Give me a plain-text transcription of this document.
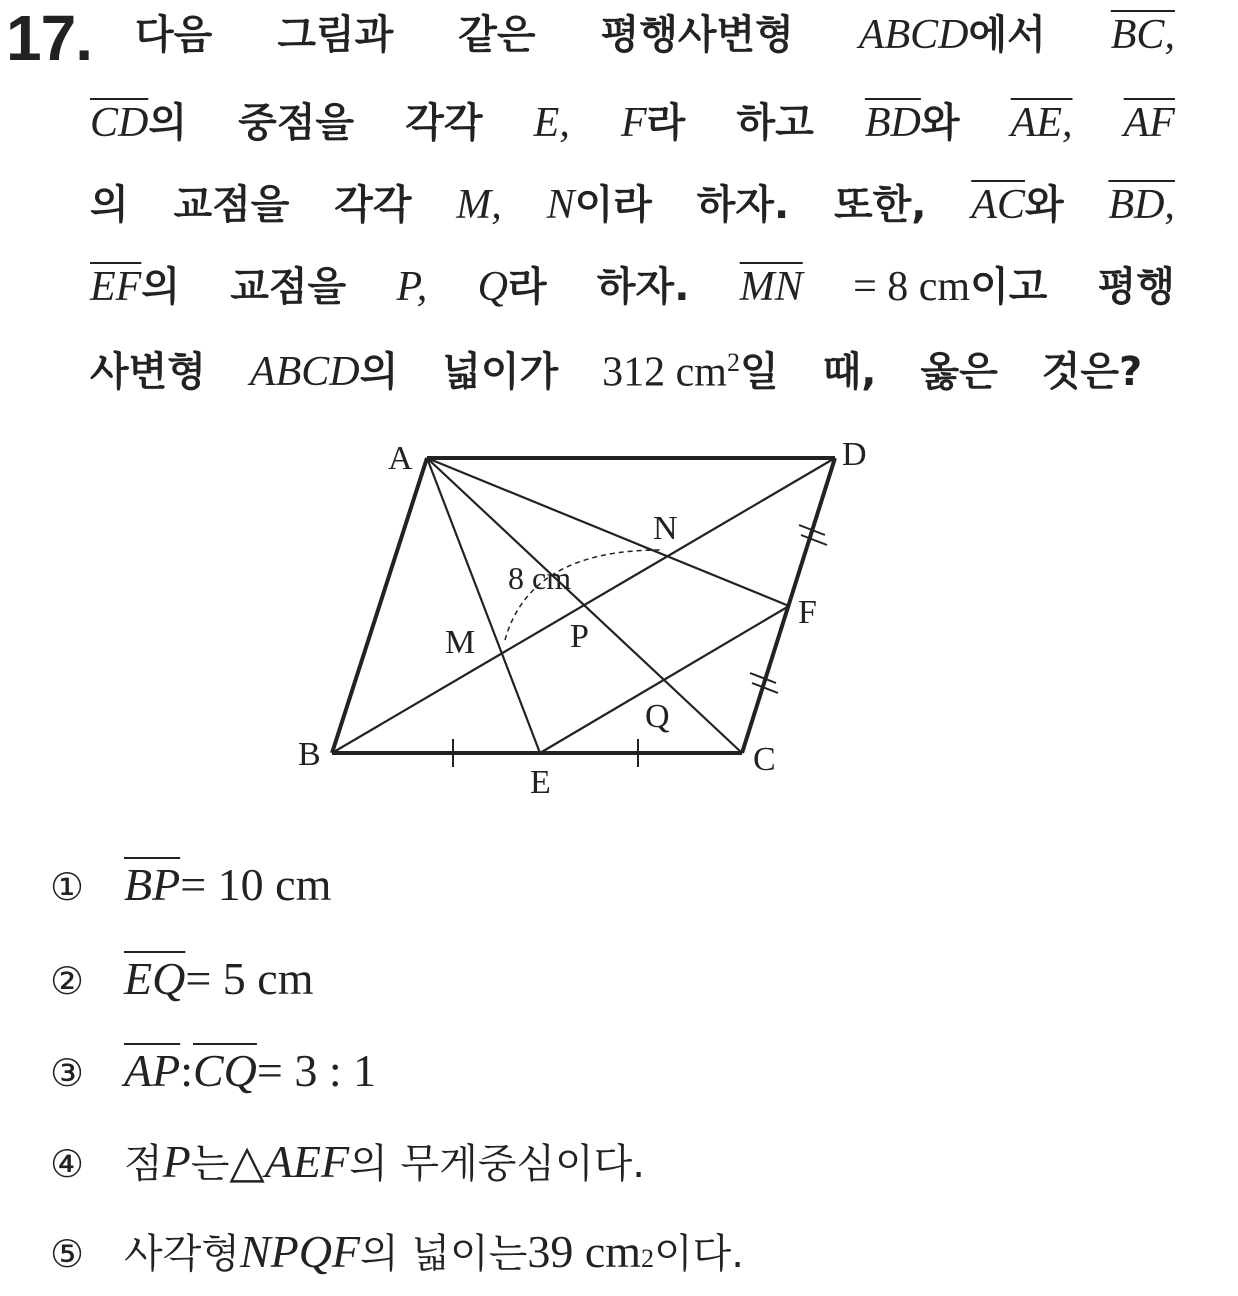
17. 다음 그림과 같은 평행사변형 ABCD에서 BC,
$\overline{CD}$의 중점을 각각 E, F라 하고 $\overline{BD}$와 AE, $\overline{AF}$
의 교점을 각각 M, N이라 하자. 또한, $\overline{AC}$와 BD,
$\overline{EF}$의 교점을 P, Q라 하자. $\overline{MN} = 8$ cm이고 평행
사변형	ABCD의	넓이가	312 $cm^2$일	때,	옳은	것은?
A	D
B	C
E
F
M
N
P
Q
8 cm
① $\overline{BP} = 10$ cm
② $\overline{EQ} = 5$ cm
③ $\overline{AP}$ : $\overline{CQ} = 3$ : 1
④ 점 P 는 △ AEF 의 무게중심이다.
⑤ 사각형 NPQF 의 넓이는 39 cm 2 이다.
